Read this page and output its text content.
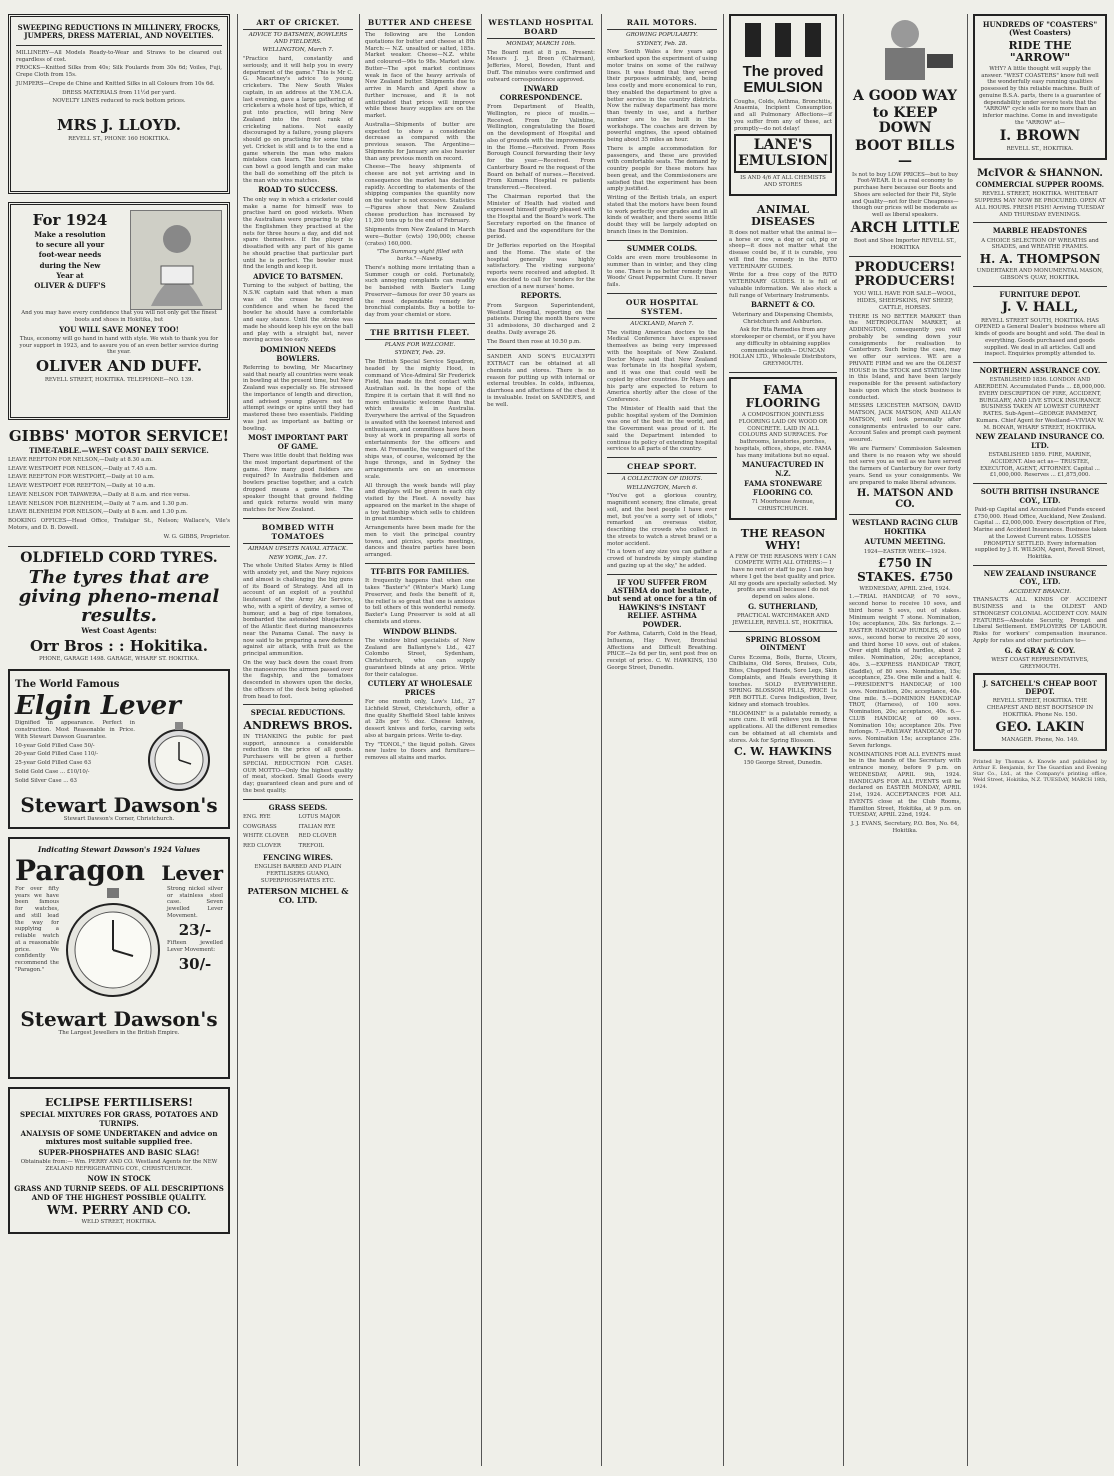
SWEEPING REDUCTIONS IN MILLINERY, FROCKS, JUMPERS, DRESS MATERIAL, AND NOVELTIES.
MILLINERY—All Models Ready-to-Wear and Straws to be cleared out regardless of cost.
FROCKS—Knitted Silks from 40s; Silk Foulards from 30s 6d; Voiles, Fuji, Crepe Cloth from 15s.
JUMPERS—Crepe de Chine and Knitted Silks in all Colours from 10s 6d.
DRESS MATERIALS from 11½d per yard.
NOVELTY LINES reduced to rock bottom prices.
MRS J. LLOYD.
REVELL ST., PHONE 160 HOKITIKA.
For 1924
Make a resolution
to secure all your
foot-wear needs
during the New
Year at
OLIVER & DUFF'S
And you may have every confidence that you will not only get the finest boots and shoes in Hokitika, but
YOU WILL SAVE MONEY TOO!
Thus, economy will go hand in hand with style. We wish to thank you for your support in 1923, and to assure you of an even better service during the year.
OLIVER AND DUFF.
REVELL STREET, HOKITIKA. TELEPHONE—NO. 139.
GIBBS' MOTOR SERVICE!
TIME-TABLE.—WEST COAST DAILY SERVICE.
LEAVE REEFTON FOR NELSON,—Daily at 8.30 a.m.
LEAVE WESTPORT FOR NELSON,—Daily at 7.45 a.m.
LEAVE REEFTON FOR WESTPORT,—Daily at 10 a.m.
LEAVE WESTPORT FOR REEFTON,—Daily at 10 a.m.
LEAVE NELSON FOR TAPAWERA,—Daily at 8 a.m. and rice versa.
LEAVE NELSON FOR BLENHEIM,—Daily at 7 a.m. and 1.30 p.m.
LEAVE BLENHEIM FOR NELSON,—Daily at 8 a.m. and 1.30 p.m.
BOOKING OFFICES—Head Office, Trafalgar St., Nelson; Wallace's, Vile's Motors, and D. B. Dowell.
W. G. GIBBS, Proprietor.
OLDFIELD CORD TYRES.
The tyres that are giving pheno-menal results.
West Coast Agents:
Orr Bros : : Hokitika.
PHONE, GARAGE 1498. GARAGE, WHARF ST. HOKITIKA.
The World Famous
Elgin Lever
Dignified in appearance. Perfect in construction. Most Reasonable in Price. With Stewart Dawson Guarantee.
10-year Gold Filled Case 50/-
20-year Gold Filled Case 110/-
25-year Gold Filled Case 63
Solid Gold Case ... £10/10/-
Solid Silver Case ... 63
Stewart Dawson's
Stewart Dawson's Corner, Christchurch.
Indicating Stewart Dawson's 1924 Values
Paragon Lever
For over fifty years we have been famous for watches, and still lead the way for supplying a reliable watch at a reasonable price. We confidently recommend the "Paragon."
Strong nickel silver or stainless steel case. Seven jewelled Lever Movement.
23/-
Fifteen jewelled Lever Movement:
30/-
Stewart Dawson's
The Largest Jewellers in the British Empire.
ECLIPSE FERTILISERS!
SPECIAL MIXTURES FOR GRASS, POTATOES AND TURNIPS.
ANALYSIS OF SOME UNDERTAKEN and advice on mixtures most suitable supplied free.
SUPER-PHOSPHATES AND BASIC SLAG!
Obtainable from:— Wm. PERRY AND CO. Westland Agents for the NEW ZEALAND REFRIGERATING COY., CHRISTCHURCH.
NOW IN STOCK
GRASS AND TURNIP SEEDS. OF ALL DESCRIPTIONS AND OF THE HIGHEST POSSIBLE QUALITY.
WM. PERRY AND CO.
WELD STREET, HOKITIKA.
ART OF CRICKET.
ADVICE TO BATSMEN, BOWLERS AND FIELDERS.
WELLINGTON, March 7.
"Practice hard, constantly and seriously, and it will help you in every department of the game." This is Mr C. G. Macartney's advice to young cricketers. The New South Wales captain, in an address at the Y.M.C.A. last evening, gave a large gathering of cricketers a whole host of tips, which, if put into practice, will bring New Zealand into the front rank of cricketing nations. Not easily discouraged by a failure, young players should go on practising for some time yet. Cricket is still and is to the end a game wherein the man who makes mistakes can learn. The bowler who can bowl a good length and can make the ball do something off the pitch is the man who wins matches.
ROAD TO SUCCESS.
The only way in which a cricketer could make a name for himself was to practise hard on good wickets. When the Australians were preparing to play the Englishmen they practised at the nets for three hours a day, and did not spare themselves. If the player is dissatisfied with any part of his game he should practise that particular part until he is perfect. The bowler must find the length and keep it.
ADVICE TO BATSMEN.
Turning to the subject of batting, the N.S.W. captain said that when a man was at the crease he required confidence and when he faced the bowler he should have a comfortable and easy stance. Until the stroke was made he should keep his eye on the ball and play with a straight bat, never moving across too early.
DOMINION NEEDS BOWLERS.
Referring to bowling, Mr Macartney said that nearly all countries were weak in bowling at the present time, but New Zealand was especially so. He stressed the importance of length and direction, and advised young players not to attempt swings or spins until they had mastered these two essentials. Fielding was just as important as batting or bowling.
MOST IMPORTANT PART OF GAME.
There was little doubt that fielding was the most important department of the game. How many good fielders are required? In Australia fieldsmen and bowlers practise together, and a catch dropped means a game lost. The speaker thought that ground fielding and quick returns would win many matches for New Zealand.
BOMBED WITH TOMATOES
AIRMAN UPSETS NAVAL ATTACK.
NEW YORK, Jan. 17.
The whole United States Army is filled with anxiety yet, and the Navy rejoices and almost is challenging the big guns of its Board of Strategy. And all in account of an exploit of a youthful lieutenant of the Army Air Service, who, with a spirit of devilry, a sense of humour, and a bag of ripe tomatoes, bombarded the astonished bluejackets of the Atlantic fleet during manoeuvres near the Panama Canal. The navy is now said to be preparing a new defence against air attack, with fruit as the principal ammunition.
On the way back down the coast from the manoeuvres the airmen passed over the flagship, and the tomatoes descended in showers upon the decks, the officers of the deck being splashed from head to foot.
SPECIAL REDUCTIONS.
ANDREWS BROS.
IN THANKING the public for past support, announce a considerable reduction in the price of all goods. Purchasers will be given a further SPECIAL REDUCTION FOR CASH. OUR MOTTO—Only the highest quality of meat, stocked. Small Goods every day; guaranteed clean and pure and of the best quality.
GRASS SEEDS.
ENG. RYE	LOTUS MAJOR
COWGRASS	ITALIAN RYE
WHITE CLOVER	RED CLOVER
RED CLOVER	TREFOIL
FENCING WIRES.
ENGLISH BARBED AND PLAIN FERTILISERS GUANO, SUPERPHOSPHATES ETC.
PATERSON MICHEL & CO. LTD.
BUTTER AND CHEESE
The following are the London quotations for butter and cheese at 8th March:— N.Z. unsalted or salted, 185s. Market weaker. Cheese—N.Z. white and coloured—96s to 98s. Market slow. Butter—The spot market continues weak in face of the heavy arrivals of New Zealand butter. Shipments due to arrive in March and April show a further increase, and it is not anticipated that prices will improve while these heavy supplies are on the market.
Australia—Shipments of butter are expected to show a considerable decrease as compared with the previous season. The Argentine—Shipments for January are also heavier than any previous month on record.
Cheese—The heavy shipments of cheese are not yet arriving and in consequence the market has declined rapidly. According to statements of the shipping companies the quantity now on the water is not excessive. Statistics—Figures show that New Zealand cheese production has increased by 11,200 tons up to the end of February.
Shipments from New Zealand in March were—Butter (cwts) 190,000; cheese (crates) 160,000.
"The Summary wight filled with barks."—Naseby.
There's nothing more irritating than a Summer cough or cold. Fortunately, such annoying complaints can readily be banished with Baxter's Lung Preserver—famous for over 50 years as the most dependable remedy for bronchial complaints. Buy a bottle to-day from your chemist or store.
THE BRITISH FLEET.
PLANS FOR WELCOME.
SYDNEY, Feb. 29.
The British Special Service Squadron, headed by the mighty Hood, in command of Vice-Admiral Sir Frederick Field, has made its first contact with Australian soil. In the hope of the Empire it is certain that it will find no more enthusiastic welcome than that which awaits it in Australia. Everywhere the arrival of the Squadron is awaited with the keenest interest and enthusiasm, and committees have been busy at work in preparing all sorts of entertainments for the officers and men. At Fremantle, the vanguard of the ships was, of course, welcomed by the huge throngs, and in Sydney the arrangements are on an enormous scale.
All through the week bands will play and displays will be given in each city visited by the Fleet. A novelty has appeared on the market in the shape of a toy battleship which sells to children in great numbers.
Arrangements have been made for the men to visit the principal country towns, and picnics, sports meetings, dances and theatre parties have been arranged.
TIT-BITS FOR FAMILIES.
It frequently happens that when one takes "Baxter's" (Winter's Mark) Lung Preserver, and feels the benefit of it, the relief is so great that one is anxious to tell others of this wonderful remedy. Baxter's Lung Preserver is sold at all chemists and stores.
WINDOW BLINDS.
The window blind specialists of New Zealand are Ballantyne's Ltd., 427 Colombo Street, Sydenham, Christchurch, who can supply guaranteed blinds at any price. Write for their catalogue.
CUTLERY AT WHOLESALE PRICES
For one month only, Low's Ltd., 27 Lichfield Street, Christchurch, offer a fine quality Sheffield Steel table knives at 28s per ½ doz. Cheese knives, dessert knives and forks, carving sets also at bargain prices. Write to-day.
Try "TONOL," the liquid polish. Gives new lustre to floors and furniture—removes all stains and marks.
WESTLAND HOSPITAL BOARD
MONDAY, MARCH 10th.
The Board met at 8 p.m. Present: Messrs J. J. Breen (Chairman), Jefferies, Morel, Bowden, Hunt and Duff. The minutes were confirmed and outward correspondence approved.
INWARD CORRESPONDENCE.
From Department of Health, Wellington, re piece of muslin.—Received. From Dr Valintine, Wellington, congratulating the Board on the development of Hospital and also of grounds with the improvements in the Home.—Received. From Ross Borough Council forwarding their levy for the year.—Received. From Canterbury Board re the request of the Board on behalf of nurses.—Received. From Kumara Hospital re patients transferred.—Received.
The Chairman reported that the Minister of Health had visited and expressed himself greatly pleased with the Hospital and the Board's work. The Secretary reported on the finance of the Board and the expenditure for the period.
Dr Jefferies reported on the Hospital and the Home. The state of the hospital generally was highly satisfactory. The visiting surgeons' reports were received and adopted. It was decided to call for tenders for the erection of a new nurses' home.
REPORTS.
From Surgeon Superintendent, Westland Hospital, reporting on the patients. During the month there were 31 admissions, 30 discharged and 2 deaths. Daily average 26.
The Board then rose at 10.50 p.m.
SANDER AND SON'S EUCALYPTI EXTRACT can be obtained at all chemists and stores. There is no reason for putting up with internal or external troubles. In colds, influenza, diarrhoea and affections of the chest it is invaluable. Insist on SANDER'S, and be well.
RAIL MOTORS.
GROWING POPULARITY.
SYDNEY, Feb. 28.
New South Wales a few years ago embarked upon the experiment of using motor trains on some of the railway lines. It was found that they served their purposes admirably, and, being less costly and more economical to run, they enabled the department to give a better service in the country districts. Now the railway department has more than twenty in use, and a further number are to be built in the workshops. The coaches are driven by powerful engines, the speed obtained being about 35 miles an hour.
There is ample accommodation for passengers, and these are provided with comfortable seats. The demand by country people for these motors has been great, and the Commissioners are satisfied that the experiment has been amply justified.
Writing of the British trials, an expert stated that the motors have been found to work perfectly over grades and in all kinds of weather, and there seems little doubt they will be largely adopted on branch lines in the Dominion.
SUMMER COLDS.
Colds are even more troublesome in summer than in winter, and they cling to one. There is no better remedy than Woods' Great Peppermint Cure. It never fails.
OUR HOSPITAL SYSTEM.
AUCKLAND, March 7.
The visiting American doctors to the Medical Conference have expressed themselves as being very impressed with the hospitals of New Zealand. Doctor Mayo said that New Zealand was fortunate in its hospital system, and it was one that could well be copied by other countries. Dr Mayo and his party are expected to return to America shortly after the close of the Conference.
The Minister of Health said that the public hospital system of the Dominion was one of the best in the world, and the Government was proud of it. He said the Department intended to continue its policy of extending hospital services to all parts of the country.
CHEAP SPORT.
A COLLECTION OF IDIOTS.
WELLINGTON, March 6.
"You've got a glorious country, magnificent scenery, fine climate, great soil, and the best people I have ever met, but you've a sorry set of idiots," remarked an overseas visitor, describing the crowds who collect in the streets to watch a street brawl or a motor accident.
"In a town of any size you can gather a crowd of hundreds by simply standing and gazing up at the sky," he added.
IF YOU SUFFER FROM ASTHMA do not hesitate, but send at once for a tin of HAWKINS'S INSTANT RELIEF. ASTHMA POWDER.
For Asthma, Catarrh, Cold in the Head, Influenza, Hay Fever, Bronchial Affections and Difficult Breathing. PRICE—2s 6d per tin, sent post free on receipt of price. C. W. HAWKINS, 150 George Street, Dunedin.
The proved EMULSION
Coughs, Colds, Asthma, Bronchitis, Anaemia, Incipient Consumption and all Pulmonary Affections—if you suffer from any of these, act promptly—do not delay!
LANE'S EMULSION
IS AND 4/6 AT ALL CHEMISTS AND STORES
ANIMAL DISEASES
It does not matter what the animal is—a horse or cow, a dog or cat, pig or sheep—it does not matter what the disease could be, if it is curable, you will find the remedy in the RITO VETERINARY GUIDES.
Write for a free copy of the RITO VETERINARY GUIDES. It is full of valuable information. We also stock a full range of Veterinary Instruments.
BARNETT & CO.
Veterinary and Dispensing Chemists, Christchurch and Ashburton.
Ask for Rita Remedies from any storekeeper or chemist, or if you have any difficulty in obtaining supplies communicate with— DUNCAN HOLLAN LTD., Wholesale Distributors, GREYMOUTH.
FAMA FLOORING
A COMPOSITION JOINTLESS FLOORING LAID ON WOOD OR CONCRETE. LAID IN ALL COLOURS AND SURFACES. For bathrooms, lavatories, porches, hospitals, offices, shops, etc. FAMA has many imitations but no equal.
MANUFACTURED IN N.Z.
FAMA STONEWARE FLOORING CO.
71 Moorhouse Avenue, CHRISTCHURCH.
THE REASON WHY!
A FEW OF THE REASONS WHY I CAN COMPETE WITH ALL OTHERS:— I have no rent or staff to pay. I can buy where I get the best quality and price. All my goods are specially selected. My profits are small because I do not depend on sales alone.
G. SUTHERLAND,
PRACTICAL WATCHMAKER AND JEWELLER, REVELL ST., HOKITIKA.
SPRING BLOSSOM OINTMENT
Cures Eczema, Boils, Burns, Ulcers, Chilblains, Old Sores, Bruises, Cuts, Bites, Chapped Hands, Sore Legs, Skin Complaints, and Heals everything it touches. SOLD EVERYWHERE. SPRING BLOSSOM PILLS, PRICE 1s PER BOTTLE. Cures Indigestion, liver, kidney and stomach troubles.
"BLOOMINE" is a palatable remedy, a sure cure. It will relieve you in three applications. All the different remedies can be obtained at all chemists and stores. Ask for Spring Blossom.
C. W. HAWKINS
150 George Street, Dunedin.
A GOOD WAY
to KEEP DOWN
BOOT BILLS—
Is not to buy LOW PRICES—but to buy Foot-WEAR. It is a real economy to purchase here because our Boots and Shoes are selected for their Fit, Style and Quality—not for their Cheapness—though our prices will be moderate as well as liberal speakers.
ARCH LITTLE
Boot and Shoe Importer REVELL ST., HOKITIKA
PRODUCERS! PRODUCERS!
YOU WILL HAVE FOR SALE—WOOL, HIDES, SHEEPSKINS, FAT SHEEP, CATTLE, HORSES.
THERE IS NO BETTER MARKET than the METROPOLITAN MARKET, at ADDINGTON, consequently you will probably be sending down your consignments for realisation to Canterbury. Such being the case, may we offer our services. WE are a PRIVATE FIRM and we are the OLDEST HOUSE in the STOCK and STATION line in this Island, and have been largely responsible for the present satisfactory basis upon which the stock business is conducted.
MESSRS LEICESTER MATSON, DAVID MATSON, JACK MATSON, AND ALLAN MATSON, will look personally after consignments entrusted to our care. Account Sales and prompt cash payment assured.
We are Farmers' Commission Salesmen and there is no reason why we should not serve you as well as we have served the farmers of Canterbury for over forty years. Send us your consignments. We are prepared to make liberal advances.
H. MATSON AND CO.
WESTLAND RACING CLUB HOKITIKA
AUTUMN MEETING.
1924—EASTER WEEK—1924.
£750 IN STAKES. £750
WEDNESDAY, APRIL 23rd, 1924.
1.—TRIAL HANDICAP, of 70 sovs., second horse to receive 10 sovs, and third horse 5 sovs, out of stakes. Minimum weight 7 stone. Nomination, 10s; acceptance, 20s. Six furlongs. 2.—EASTER HANDICAP HURDLES, of 100 sovs., second horse to receive 20 sovs, and third horse 10 sovs. out of stakes. Over eight flights of hurdles, about 2 miles. Nomination, 20s; acceptance, 40s. 3.—EXPRESS HANDICAP TROT, (Saddle), of 80 sovs. Nomination, 15s; acceptance, 25s. One mile and a half. 4.—PRESIDENT'S HANDICAP, of 100 sovs. Nomination, 20s; acceptance, 40s. One mile. 5.—DOMINION HANDICAP TROT, (Harness), of 100 sovs. Nomination, 20s; acceptance, 40s. 6.—CLUB HANDICAP, of 60 sovs. Nomination 10s; acceptance 20s. Five furlongs. 7.—RAILWAY HANDICAP, of 70 sovs. Nomination 15s; acceptance 25s. Seven furlongs.
NOMINATIONS FOR ALL EVENTS must be in the hands of the Secretary with entrance money, before 9 p.m. on WEDNESDAY, APRIL 9th, 1924. HANDICAPS FOR ALL EVENTS will be declared on EASTER MONDAY, APRIL 21st, 1924. ACCEPTANCES FOR ALL EVENTS close at the Club Rooms, Hamilton Street, Hokitika, at 9 p.m. on TUESDAY, APRIL 22nd, 1924.
J. J. EVANS, Secretary, P.O. Box, No. 64, Hokitika.
HUNDREDS OF "COASTERS" (West Coasters)
RIDE THE "ARROW"
WHY? A little thought will supply the answer. "WEST COASTERS" know full well the wonderfully easy running qualities possessed by this reliable machine. Built of genuine B.S.A. parts, there is a guarantee of dependability under severe tests that the "ARROW" cycle sells for no more than an inferior machine. Come in and investigate the "ARROW" at—
I. BROWN
REVELL ST., HOKITIKA.
McIVOR & SHANNON.
COMMERCIAL SUPPER ROOMS.
REVELL STREET, HOKITIKA. WHITEBAIT SUPPERS MAY NOW BE PROCURED. OPEN AT ALL HOURS. FRESH FISH! Arriving TUESDAY AND THURSDAY EVENINGS.
MARBLE HEADSTONES
A CHOICE SELECTION OF WREATHS and SHADES, and WREATHE FRAMES.
H. A. THOMPSON
UNDERTAKER AND MONUMENTAL MASON, GIBSON'S QUAY, HOKITIKA.
FURNITURE DEPOT.
J. V. HALL,
REVELL STREET SOUTH, HOKITIKA. HAS OPENED a General Dealer's business where all kinds of goods are bought and sold. The deal in everything. Goods purchased and goods supplied. We deal in all articles. Call and inspect. Enquiries promptly attended to.
NORTHERN ASSURANCE COY.
ESTABLISHED 1836. LONDON AND ABERDEEN. Accumulated Funds ... £8,000,000. EVERY DESCRIPTION OF FIRE, ACCIDENT, BURGLARY, AND LIVE STOCK INSURANCE BUSINESS TAKEN AT LOWEST CURRENT RATES. Sub-Agent—GEORGE PAMMENT, Kumara. Chief Agent for Westland—VIVIAN W. M. BONAR, WHARF STREET, HOKITIKA.
NEW ZEALAND INSURANCE CO. LTD.
ESTABLISHED 1859. FIRE, MARINE, ACCIDENT. Also act as— TRUSTEE, EXECUTOR, AGENT, ATTORNEY. Capital ... £1,000,000. Reserves ... £1,875,000.
SOUTH BRITISH INSURANCE COY., LTD.
Paid-up Capital and Accumulated Funds exceed £750,000. Head Office, Auckland, New Zealand. Capital ... £2,000,000. Every description of Fire, Marine and Accident Insurances. Business taken at the Lowest Current rates. LOSSES PROMPTLY SETTLED. Every information supplied by J. H. WILSON, Agent, Revell Street, Hokitika.
NEW ZEALAND INSURANCE COY., LTD.
ACCIDENT BRANCH.
TRANSACTS ALL KINDS OF ACCIDENT BUSINESS and is the OLDEST AND STRONGEST COLONIAL ACCIDENT COY. MAIN FEATURES—Absolute Security, Prompt and Liberal Settlement. EMPLOYERS OF LABOUR. Risks for workers' compensation insurance. Apply for rates and other particulars to—
G. & GRAY & COY.
WEST COAST REPRESENTATIVES, GREYMOUTH.
J. SATCHELL'S CHEAP BOOT DEPOT.
REVELL STREET, HOKITIKA. THE CHEAPEST AND BEST BOOTSHOP IN HOKITIKA. Phone No. 150.
GEO. LAKIN
MANAGER. Phone, No. 149.
Printed by Thomas A. Knowle and published by Arthur E. Benjamin, for The Guardian and Evening Star Co., Ltd., at the Company's printing office, Weld Street, Hokitika, N.Z. TUESDAY, MARCH 18th, 1924.
